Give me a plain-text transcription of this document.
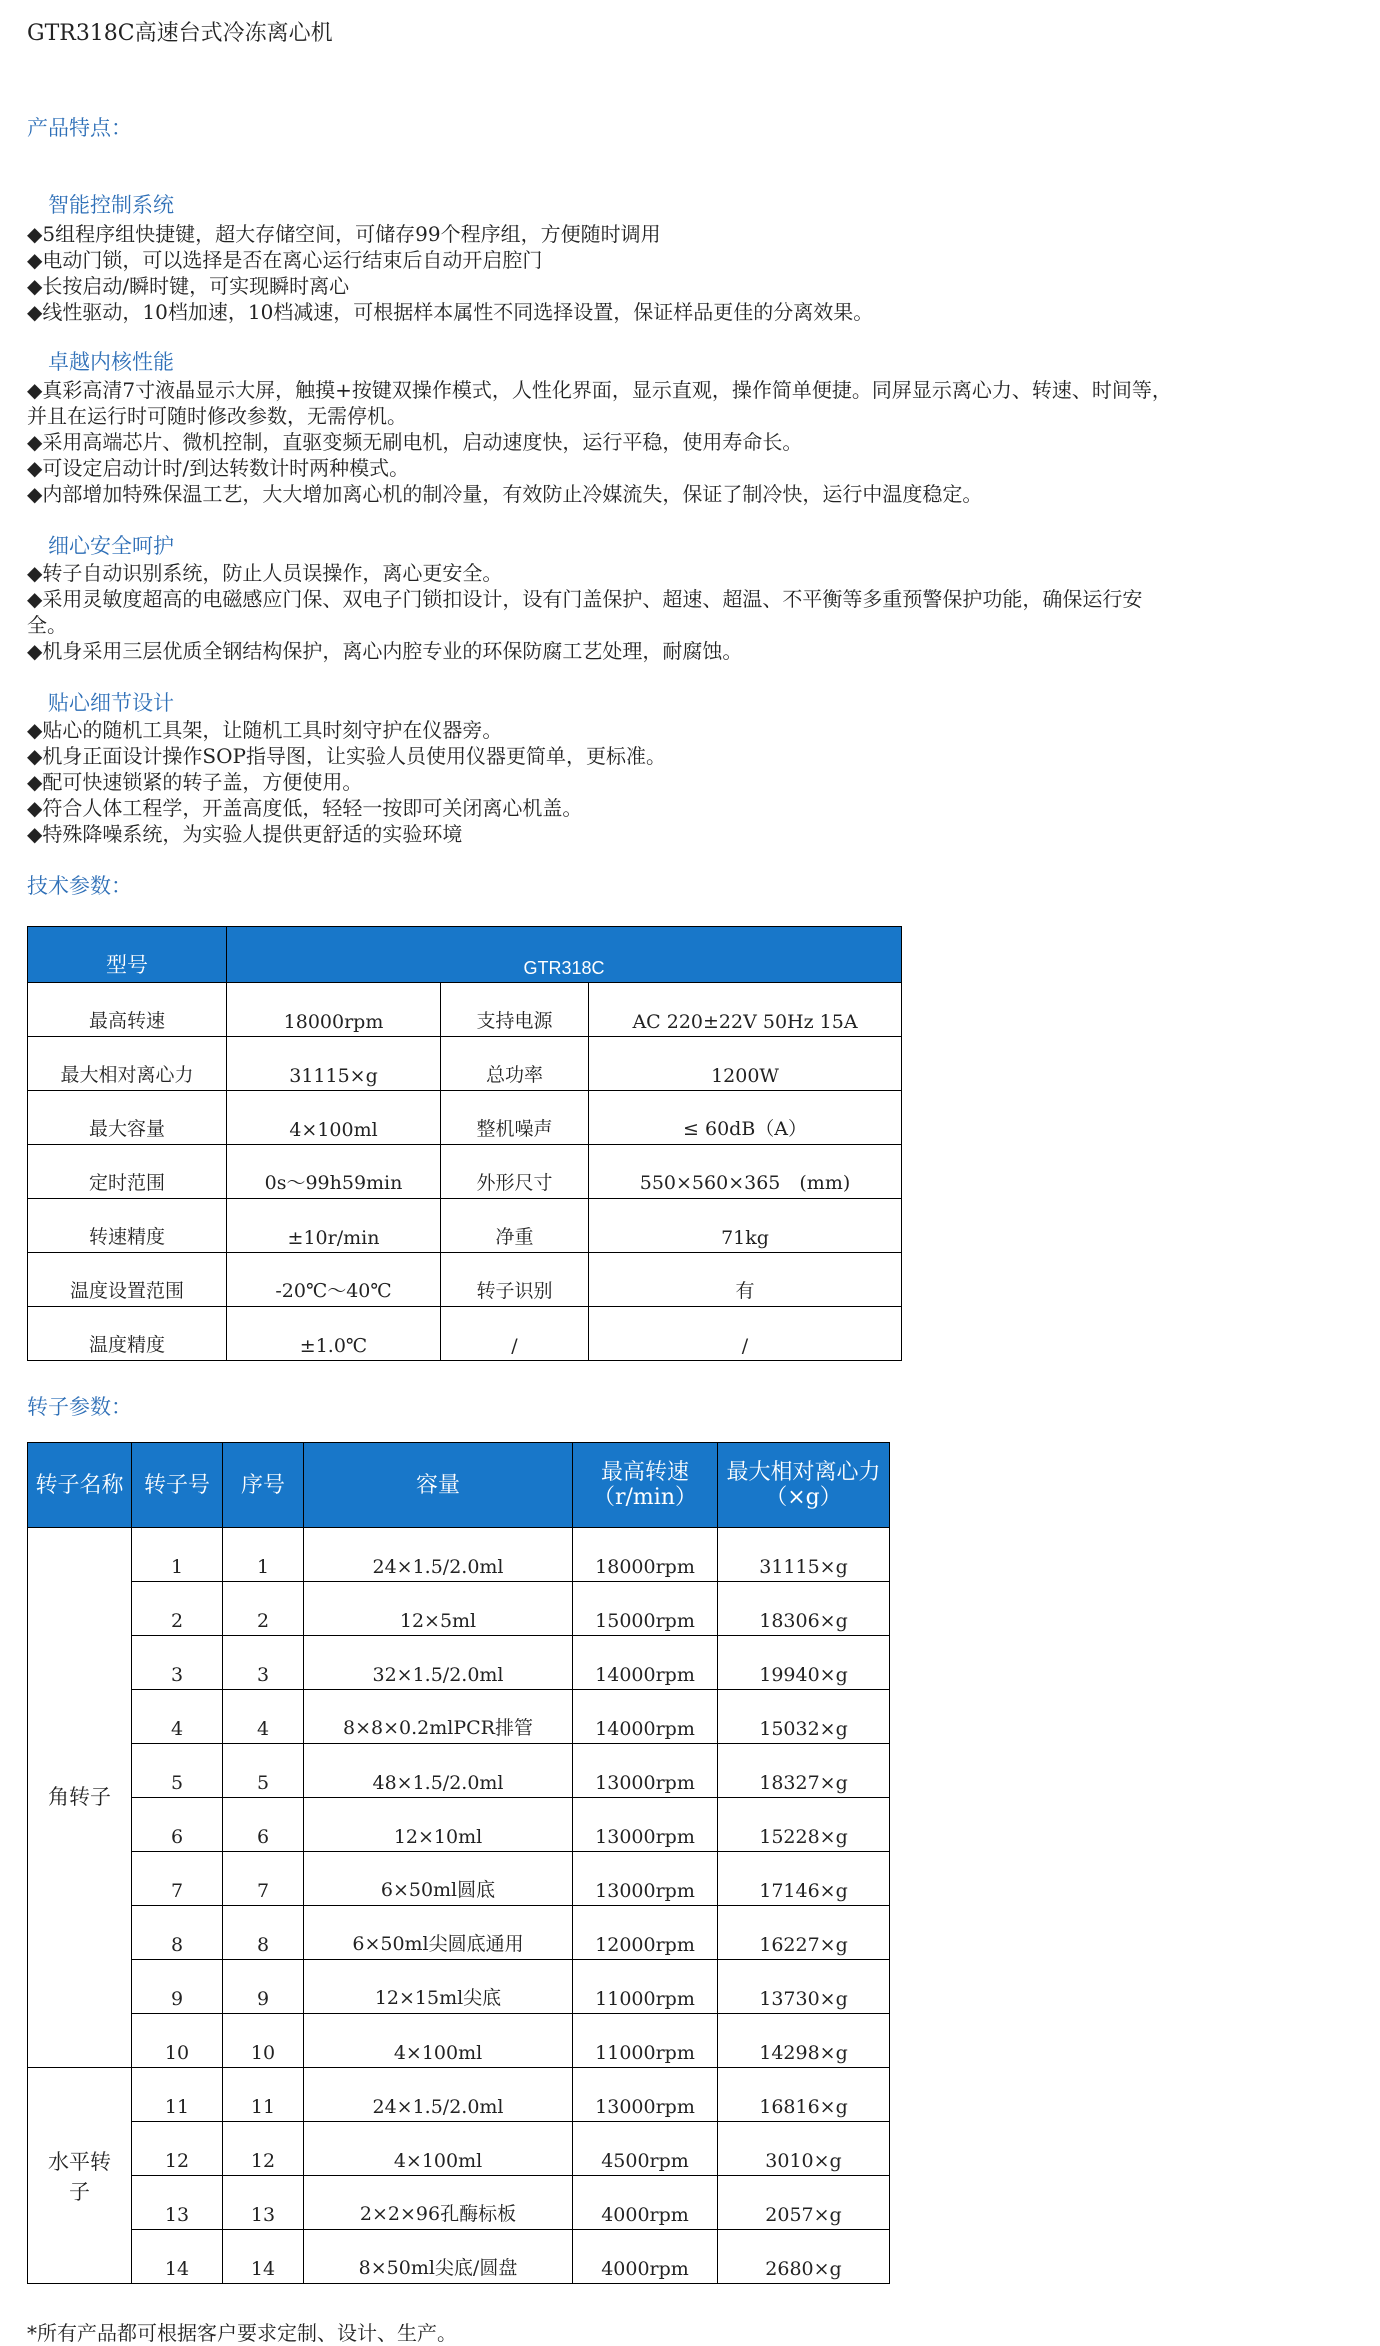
GTR318C高速台式冷冻离心机
产品特点：
智能控制系统
◆ 5组程序组快捷键，超大存储空间，可储存99个程序组，方便随时调用
◆ 电动门锁，可以选择是否在离心运行结束后自动开启腔门
◆ 长按启动/瞬时键，可实现瞬时离心
◆ 线性驱动，10档加速，10档减速，可根据样本属性不同选择设置，保证样品更佳的分离效果。
卓越内核性能
◆ 真彩高清7寸液晶显示大屏，触摸+按键双操作模式，人性化界面，显示直观，操作简单便捷。同屏显示离心力、转速、时间等，
并且在运行时可随时修改参数，无需停机。
◆ 采用高端芯片、微机控制，直驱变频无刷电机，启动速度快，运行平稳，使用寿命长。
◆ 可设定启动计时/到达转数计时两种模式。
◆ 内部增加特殊保温工艺，大大增加离心机的制冷量，有效防止冷媒流失，保证了制冷快，运行中温度稳定。
细心安全呵护
◆ 转子自动识别系统，防止人员误操作，离心更安全。
◆ 采用灵敏度超高的电磁感应门保、双电子门锁扣设计，设有门盖保护、超速、超温、不平衡等多重预警保护功能，确保运行安
全。
◆ 机身采用三层优质全钢结构保护，离心内腔专业的环保防腐工艺处理，耐腐蚀。
贴心细节设计
◆ 贴心的随机工具架，让随机工具时刻守护在仪器旁。
◆ 机身正面设计操作SOP指导图，让实验人员使用仪器更简单，更标准。
◆ 配可快速锁紧的转子盖，方便使用。
◆ 符合人体工程学，开盖高度低，轻轻一按即可关闭离心机盖。
◆ 特殊降噪系统，为实验人提供更舒适的实验环境
技术参数：
型号	GTR318C		
最高转速	18000rpm	支持电源	AC 220±22V 50Hz 15A
最大相对离心力	31115×g	总功率	1200W
最大容量	4×100ml	整机噪声	≤ 60dB（A）
定时范围	0s～99h59min	外形尺寸	550×560×365　(mm)
转速精度	±10r/min	净重	71kg
温度设置范围	-20℃～40℃	转子识别	有
温度精度	±1.0℃	/	/
转子参数：
转子名称	转子号	序号	容量	最高转速（r/min）	最大相对离心力（×g）
角转子	1	1	24×1.5/2.0ml	18000rpm	31115×g
	2	2	12×5ml	15000rpm	18306×g
	3	3	32×1.5/2.0ml	14000rpm	19940×g
	4	4	8×8×0.2mlPCR排管	14000rpm	15032×g
	5	5	48×1.5/2.0ml	13000rpm	18327×g
	6	6	12×10ml	13000rpm	15228×g
	7	7	6×50ml圆底	13000rpm	17146×g
	8	8	6×50ml尖圆底通用	12000rpm	16227×g
	9	9	12×15ml尖底	11000rpm	13730×g
	10	10	4×100ml	11000rpm	14298×g
水平转子	11	11	24×1.5/2.0ml	13000rpm	16816×g
	12	12	4×100ml	4500rpm	3010×g
	13	13	2×2×96孔酶标板	4000rpm	2057×g
	14	14	8×50ml尖底/圆盘	4000rpm	2680×g
*所有产品都可根据客户要求定制、设计、生产。
